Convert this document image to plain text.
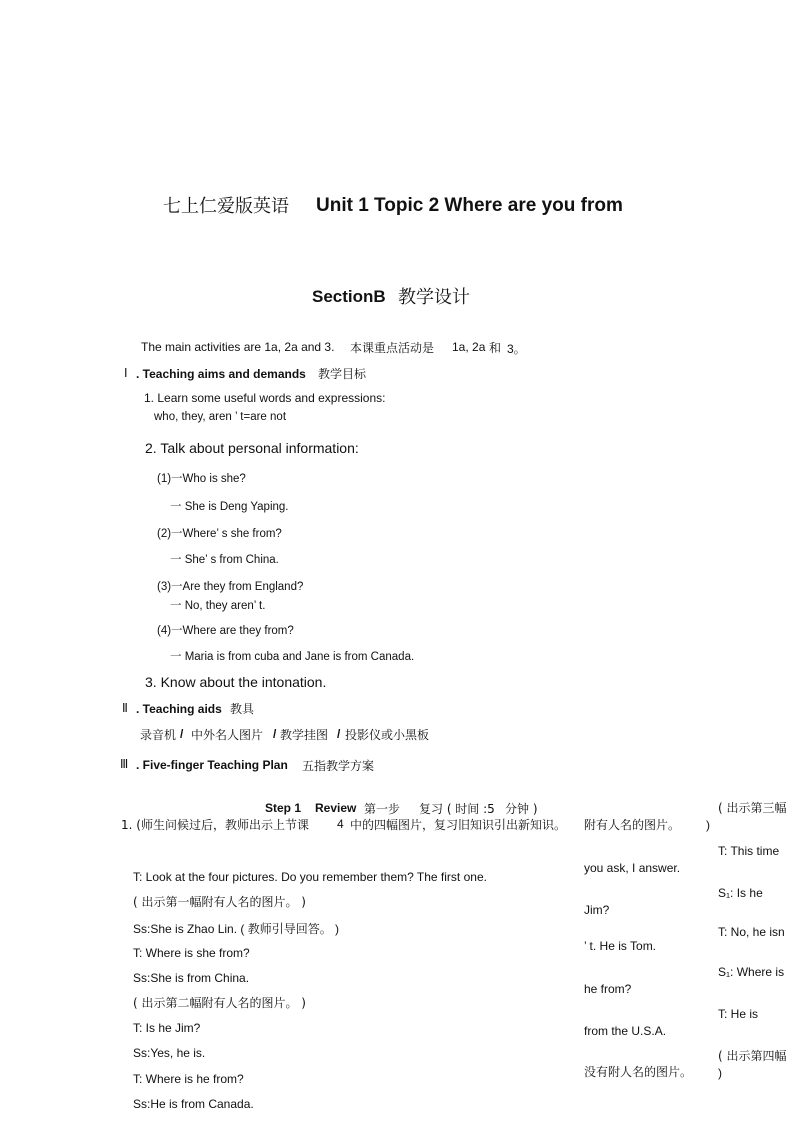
七上仁爱版英语 Unit 1 Topic 2 Where are you from
SectionB 教学设计
The main activities are 1a, 2a and 3. 本课重点活动是 1a, 2a 和 3。
Ⅰ . Teaching aims and demands 教学目标
1. Learn some useful words and expressions:
who, they, aren ’ t=are not
2. Talk about personal information:
(1)一Who is she?
一 She is Deng Yaping.
(2)一Where’ s she from?
一 She’ s from China.
(3)一Are they from England?
一 No, they aren’ t.
(4)一Where are they from?
一 Maria is from cuba and Jane is from Canada.
3. Know about the intonation.
Ⅱ . Teaching aids 教具
录音机 / 中外名人图片 / 教学挂图 / 投影仪或小黑板
Ⅲ . Five-finger Teaching Plan 五指教学方案
Step 1 Review 第一步 复习 ( 时间 :5 分钟 )
1. (师生问候过后，教师出示上节课 4 中的四幅图片，复习旧知识引出新知识。
T: Look at the four pictures. Do you remember them? The first one.
( 出示第一幅附有人名的图片。 )
Ss:She is Zhao Lin. ( 教师引导回答。 )
T: Where is she from?
Ss:She is from China.
( 出示第二幅附有人名的图片。 )
T: Is he Jim?
Ss:Yes, he is.
T: Where is he from?
Ss:He is from Canada.
附有人名的图片。
you ask, I answer.
Jim?
’ t. He is Tom.
he from?
from the U.S.A.
没有附人名的图片。
)
( 出示第三幅
T: This time
S₁: Is he
T: No, he isn
S₁: Where is
T: He is
( 出示第四幅
)
